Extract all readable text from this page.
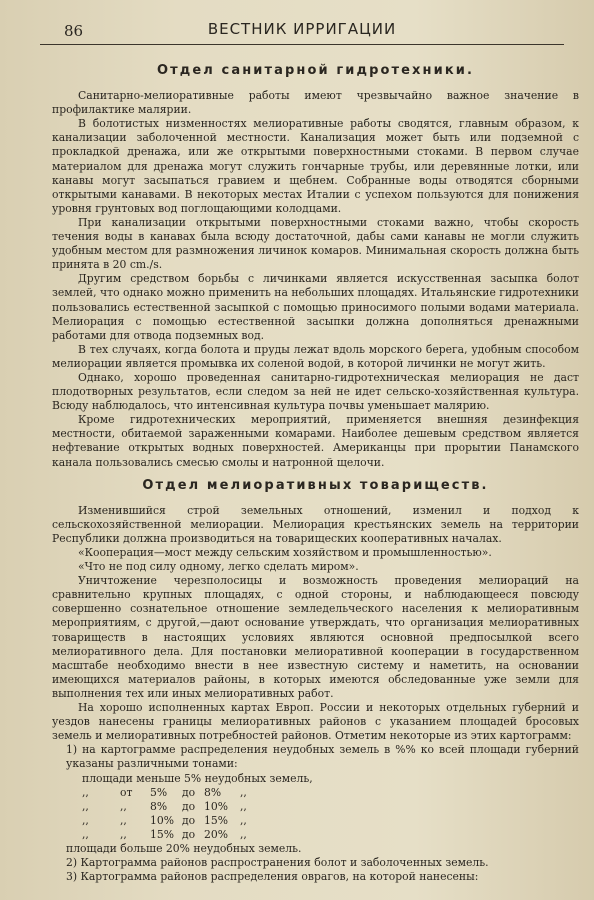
86	ВЕСТНИК ИРРИГАЦИИ
Отдел санитарной гидротехники.

Санитарно-мелиоративные работы имеют чрезвычайно важное значение в профилактике малярии.

В болотистых низменностях мелиоративные работы сводятся, главным образом, к канализации заболоченной местности. Канализация может быть или подземной с прокладкой дренажа, или же открытыми поверхностными стоками. В первом случае материалом для дренажа могут служить гончарные трубы, или деревянные лотки, или канавы могут засыпаться гравием и щебнем. Собранные воды отводятся сборными открытыми канавами. В некоторых местах Италии с успехом пользуются для понижения уровня грунтовых вод поглощающими колодцами.

При канализации открытыми поверхностными стоками важно, чтобы скорость течения воды в канавах была всюду достаточной, дабы сами канавы не могли служить удобным местом для размножения личинок комаров. Минимальная скорость должна быть принята в 20 cm./s.

Другим средством борьбы с личинками является искусственная засыпка болот землей, что однако можно применить на небольших площадях. Итальянские гидротехники пользовались естественной засыпкой с помощью приносимого полыми водами материала. Мелиорация с помощью естественной засыпки должна дополняться дренажными работами для отвода подземных вод.

В тех случаях, когда болота и пруды лежат вдоль морского берега, удобным способом мелиорации является промывка их соленой водой, в которой личинки не могут жить.

Однако, хорошо проведенная санитарно-гидротехническая мелиорация не даст плодотворных результатов, если следом за ней не идет сельско-хозяйственная культура. Всюду наблюдалось, что интенсивная культура почвы уменьшает малярию.

Кроме гидротехнических мероприятий, применяется внешняя дезинфекция местности, обитаемой зараженными комарами. Наиболее дешевым средством является нефтевание открытых водных поверхностей. Американцы при прорытии Панамского канала пользовались смесью смолы и натронной щелочи.

Отдел мелиоративных товариществ.

Изменившийся строй земельных отношений, изменил и подход к сельскохозяйственной мелиорации. Мелиорация крестьянских земель на территории Республики должна производиться на товарищеских кооперативных началах.

«Кооперация—мост между сельским хозяйством и промышленностью».

«Что не под силу одному, легко сделать миром».

Уничтожение черезполосицы и возможность проведения мелиораций на сравнительно крупных площадях, с одной стороны, и наблюдающееся повсюду совершенно сознательное отношение земледельческого населения к мелиоративным мероприятиям, с другой,—дают основание утверждать, что организация мелиоративных товариществ в настоящих условиях являются основной предпосылкой всего мелиоративного дела. Для постановки мелиоративной кооперации в государственном масштабе необходимо внести в нее известную систему и наметить, на основании имеющихся материалов районы, в которых имеются обследованные уже земли для выполнения тех или иных мелиоративных работ.

На хорошо исполненных картах Европ. России и некоторых отдельных губерний и уездов нанесены границы мелиоративных районов с указанием площадей бросовых земель и мелиоративных потребностей районов. Отметим некоторые из этих картограмм:

1) на картограмме распределения неудобных земель в %% ко всей площади губерний указаны различными тонами:

площади меньше 5% неудобных земель,
,,	от 5% до 8% ,,
,,	,, 8% до 10% ,,
,,	,, 10% до 15% ,,
,,	,, 15% до 20% ,,

площади больше 20% неудобных земель.

2) Картограмма районов распространения болот и заболоченных земель.

3) Картограмма районов распределения оврагов, на которой нанесены:
